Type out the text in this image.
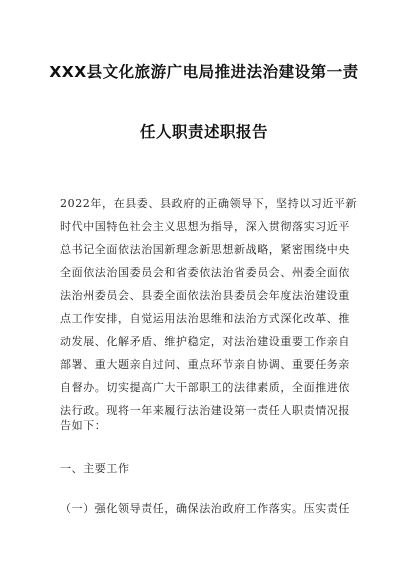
XXX县文化旅游广电局推进法治建设第一责
任人职责述职报告
2022年，在县委、县政府的正确领导下，坚持以习近平新
时代中国特色社会主义思想为指导，深入贯彻落实习近平
总书记全面依法治国新理念新思想新战略，紧密围绕中央
全面依法治国委员会和省委依法治省委员会、州委全面依
法治州委员会、县委全面依法治县委员会年度法治建设重
点工作安排，自觉运用法治思维和法治方式深化改革、推
动发展、化解矛盾、维护稳定，对法治建设重要工作亲自
部署、重大题亲自过问、重点环节亲自协调、重要任务亲
自督办。切实提高广大干部职工的法律素质，全面推进依
法行政。现将一年来履行法治建设第一责任人职责情况报
告如下：
一、主要工作
（一）强化领导责任，确保法治政府工作落实。压实责任
